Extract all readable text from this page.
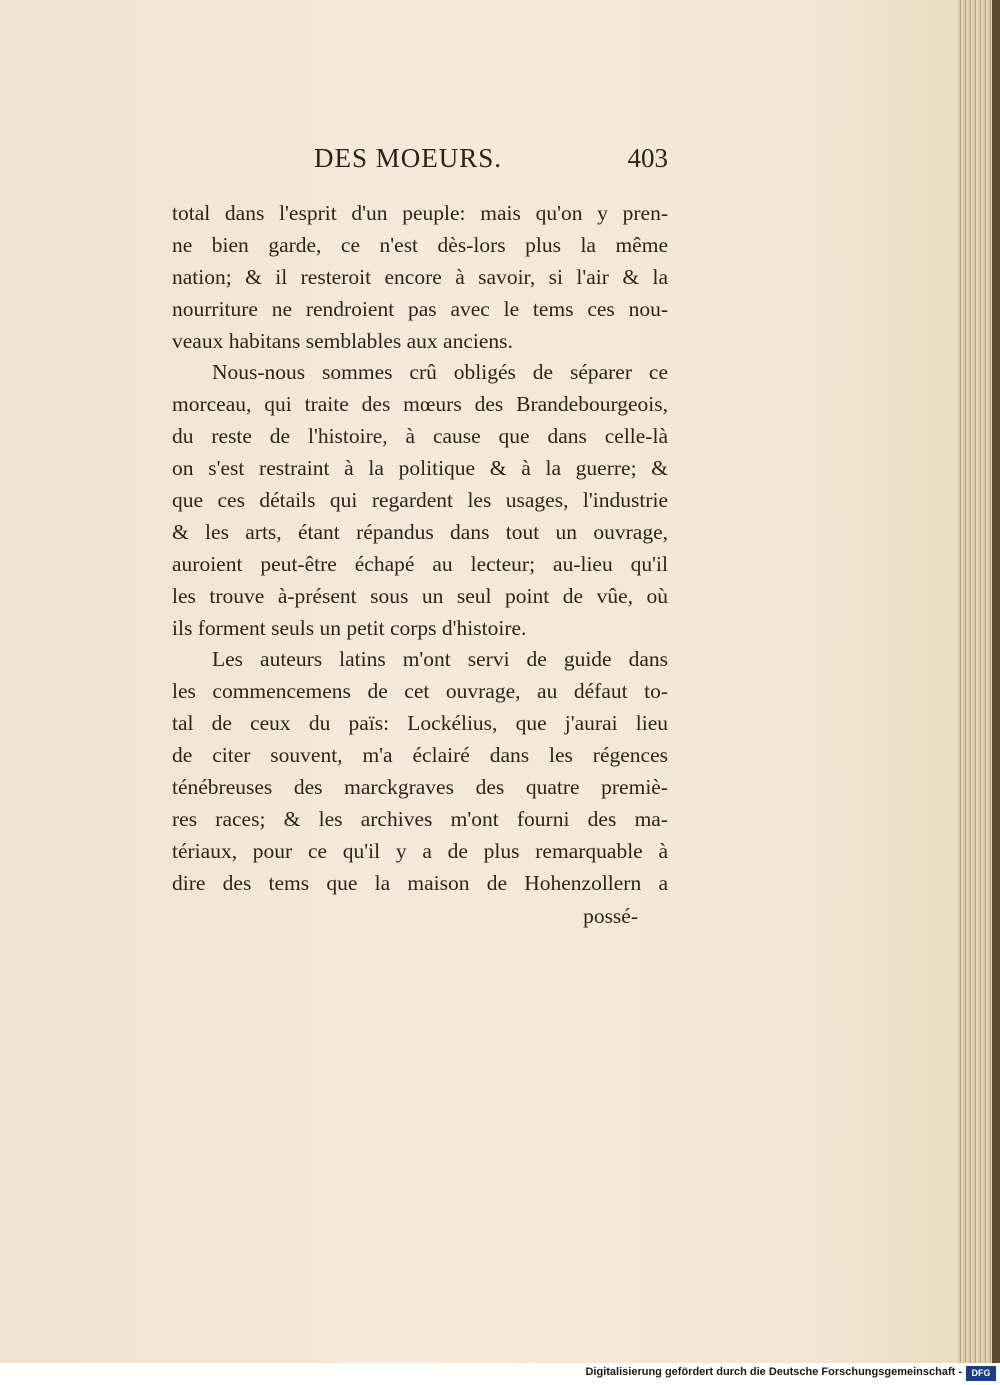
DES MOEURS.	403
total dans l'esprit d'un peuple: mais qu'on y pren-
ne bien garde, ce n'est dès-lors plus la même
nation; & il resteroit encore à savoir, si l'air & la
nourriture ne rendroient pas avec le tems ces nou-
veaux habitans semblables aux anciens.
Nous-nous sommes crû obligés de séparer ce
morceau, qui traite des mœurs des Brandebourgeois,
du reste de l'histoire, à cause que dans celle-là
on s'est restraint à la politique & à la guerre; &
que ces détails qui regardent les usages, l'industrie
& les arts, étant répandus dans tout un ouvrage,
auroient peut-être échapé au lecteur; au-lieu qu'il
les trouve à-présent sous un seul point de vûe, où
ils forment seuls un petit corps d'histoire.
Les auteurs latins m'ont servi de guide dans
les commencemens de cet ouvrage, au défaut to-
tal de ceux du païs: Lockélius, que j'aurai lieu
de citer souvent, m'a éclairé dans les régences
ténébreuses des marckgraves des quatre premiè-
res races; & les archives m'ont fourni des ma-
tériaux, pour ce qu'il y a de plus remarquable à
dire des tems que la maison de Hohenzollern a
possé-
Digitalisierung gefördert durch die Deutsche Forschungsgemeinschaft -	DFG
